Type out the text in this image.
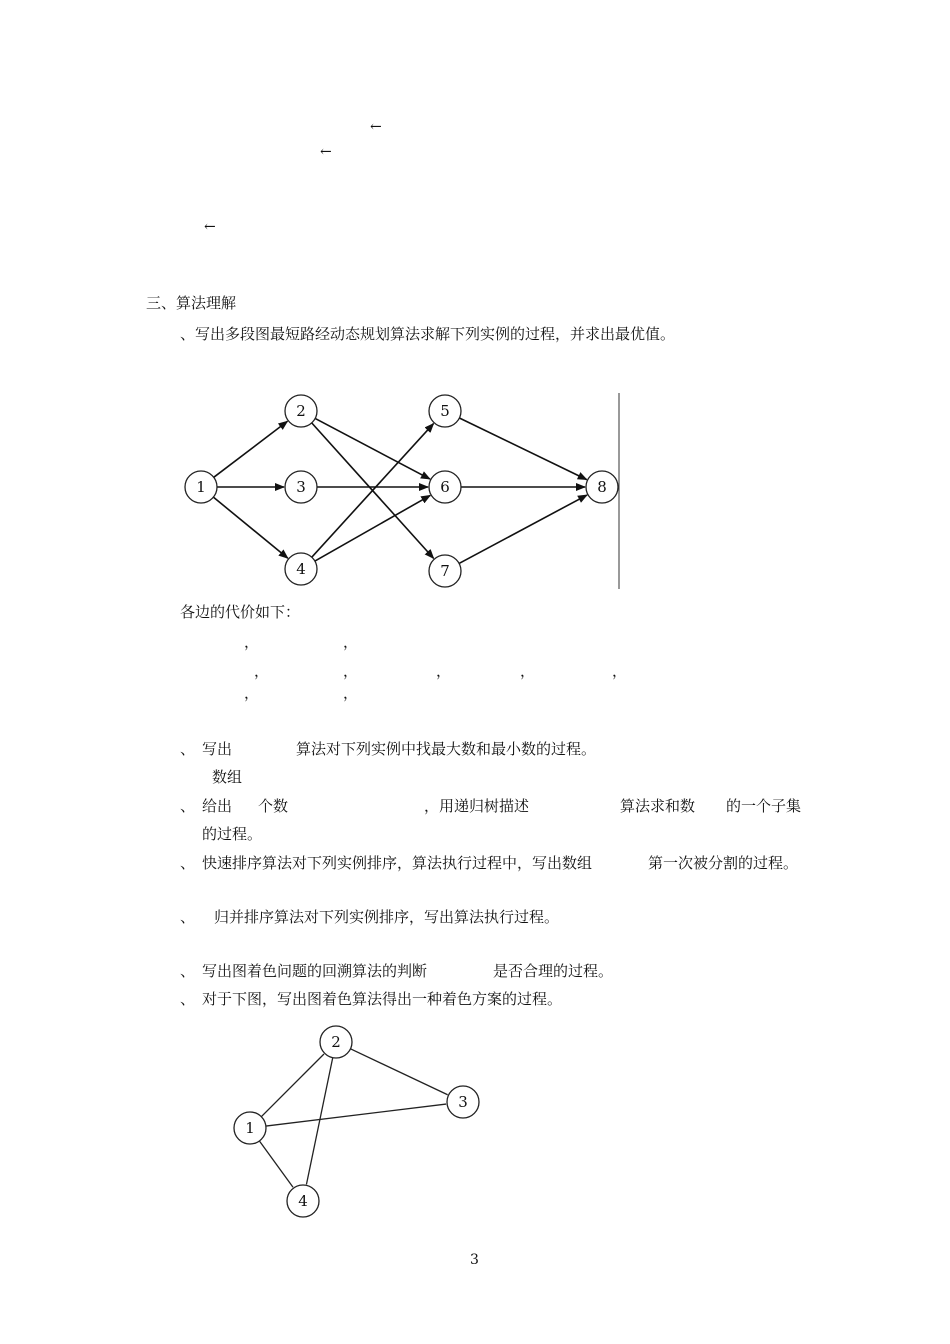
←
←
←
三、算法理解
、写出多段图最短路经动态规划算法求解下列实例的过程，并求出最优值。
1
2
3
4
5
6
7
8
1
2
3
4
各边的代价如下：
，	，
，	，	，	，	，
，	，
、 写出	算法对下列实例中找最大数和最小数的过程。
数组
、 给出 个数	，用递归树描述	算法求和数 的一个子集
的过程。
、 快速排序算法对下列实例排序，算法执行过程中，写出数组	第一次被分割的过程。
、 归并排序算法对下列实例排序，写出算法执行过程。
、 写出图着色问题的回溯算法的判断	是否合理的过程。
、 对于下图，写出图着色算法得出一种着色方案的过程。
3
